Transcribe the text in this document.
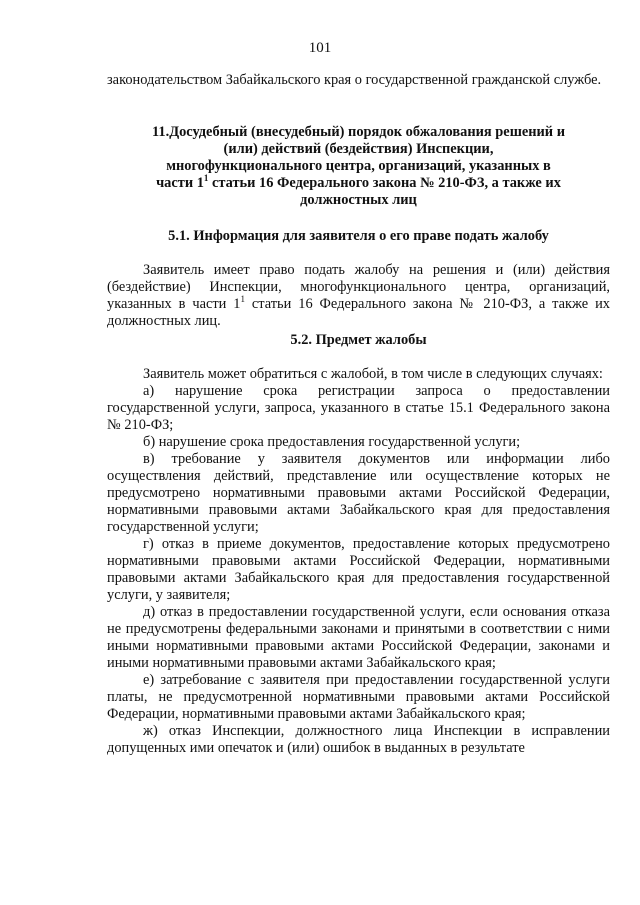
101

законодательством Забайкальского края о государственной гражданской службе.

11.Досудебный (внесудебный) порядок обжалования решений и
(или) действий (бездействия) Инспекции,
многофункционального центра, организаций, указанных в
части $1^1$ статьи 16 Федерального закона № 210-ФЗ, а также их
должностных лиц
5.1. Информация для заявителя о его праве подать жалобу

Заявитель имеет право подать жалобу на решения и (или) действия (бездействие) Инспекции, многофункционального центра, организаций, указанных в части $1^1$ статьи 16 Федерального закона № 210-ФЗ, а также их должностных лиц.

5.2. Предмет жалобы

Заявитель может обратиться с жалобой, в том числе в следующих случаях:

а) нарушение срока регистрации запроса о предоставлении государственной услуги, запроса, указанного в статье 15.1 Федерального закона № 210-ФЗ;

б) нарушение срока предоставления государственной услуги;

в) требование у заявителя документов или информации либо осуществления действий, представление или осуществление которых не предусмотрено нормативными правовыми актами Российской Федерации, нормативными правовыми актами Забайкальского края для предоставления государственной услуги;

г) отказ в приеме документов, предоставление которых предусмотрено нормативными правовыми актами Российской Федерации, нормативными правовыми актами Забайкальского края для предоставления государственной услуги, у заявителя;

д) отказ в предоставлении государственной услуги, если основания отказа не предусмотрены федеральными законами и принятыми в соответствии с ними иными нормативными правовыми актами Российской Федерации, законами и иными нормативными правовыми актами Забайкальского края;

е) затребование с заявителя при предоставлении государственной услуги платы, не предусмотренной нормативными правовыми актами Российской Федерации, нормативными правовыми актами Забайкальского края;

ж) отказ Инспекции, должностного лица Инспекции в исправлении допущенных ими опечаток и (или) ошибок в выданных в результате
